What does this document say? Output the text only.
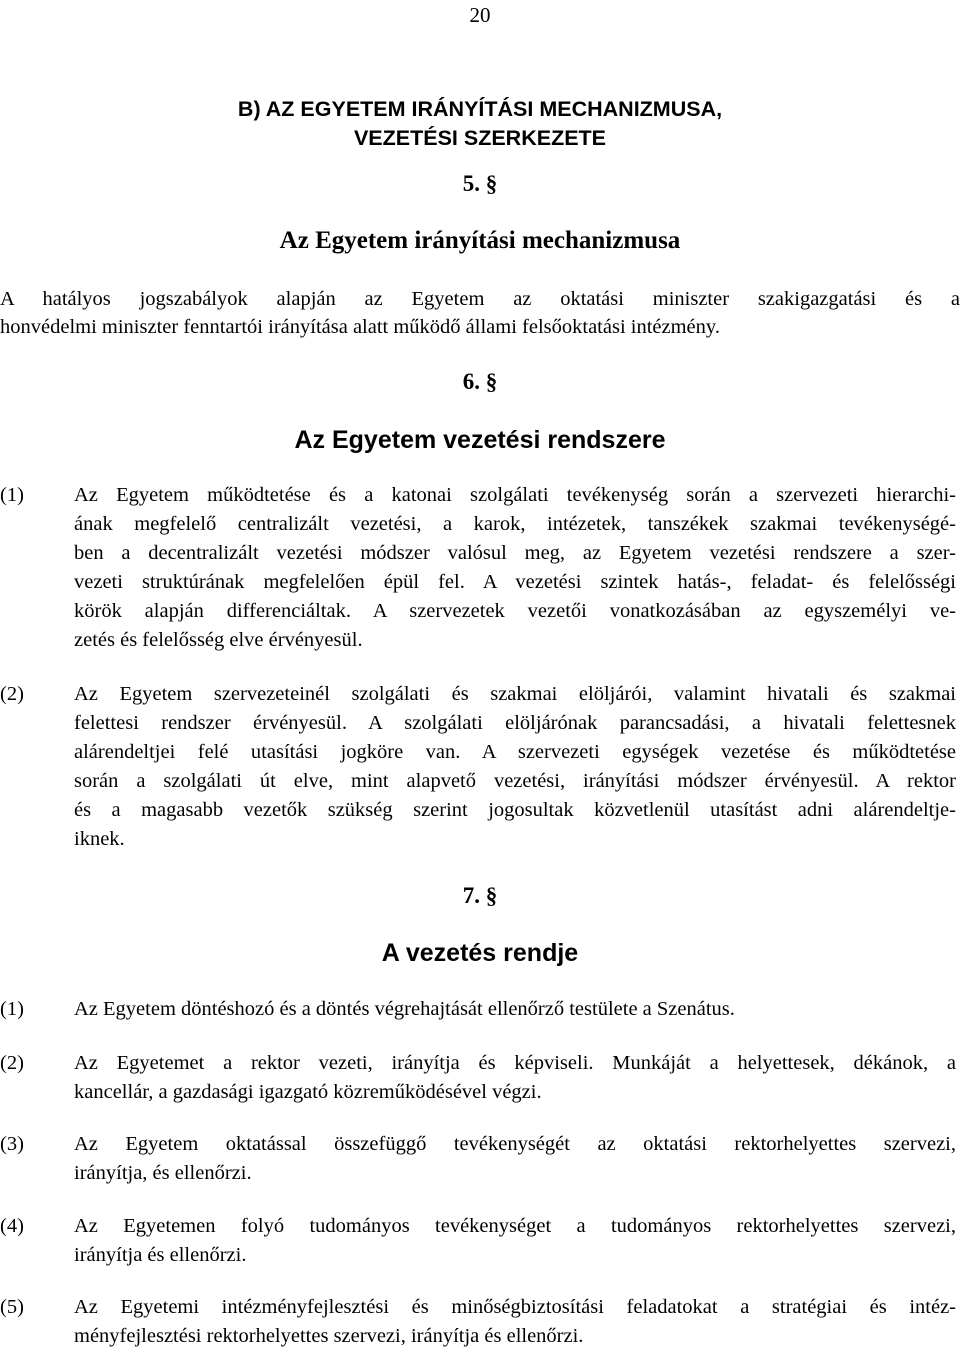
20
B) AZ EGYETEM IRÁNYÍTÁSI MECHANIZMUSA,
VEZETÉSI SZERKEZETE
5. §
Az Egyetem irányítási mechanizmusa
A hatályos jogszabályok alapján az Egyetem az oktatási miniszter szakigazgatási és a
honvédelmi miniszter fenntartói irányítása alatt működő állami felsőoktatási intézmény.
6. §
Az Egyetem vezetési rendszere
(1) Az Egyetem működtetése és a katonai szolgálati tevékenység során a szervezeti hierarchi-
ának megfelelő centralizált vezetési, a karok, intézetek, tanszékek szakmai tevékenységé-
ben a decentralizált vezetési módszer valósul meg, az Egyetem vezetési rendszere a szer-
vezeti struktúrának megfelelően épül fel. A vezetési szintek hatás-, feladat- és felelősségi
körök alapján differenciáltak. A szervezetek vezetői vonatkozásában az egyszemélyi ve-
zetés és felelősség elve érvényesül.
(2) Az Egyetem szervezeteinél szolgálati és szakmai elöljárói, valamint hivatali és szakmai
felettesi rendszer érvényesül. A szolgálati elöljárónak parancsadási, a hivatali felettesnek
alárendeltjei felé utasítási jogköre van. A szervezeti egységek vezetése és működtetése
során a szolgálati út elve, mint alapvető vezetési, irányítási módszer érvényesül. A rektor
és a magasabb vezetők szükség szerint jogosultak közvetlenül utasítást adni alárendeltje-
iknek.
7. §
A vezetés rendje
(1) Az Egyetem döntéshozó és a döntés végrehajtását ellenőrző testülete a Szenátus.
(2) Az Egyetemet a rektor vezeti, irányítja és képviseli. Munkáját a helyettesek, dékánok, a
kancellár, a gazdasági igazgató közreműködésével végzi.
(3) Az Egyetem oktatással összefüggő tevékenységét az oktatási rektorhelyettes szervezi,
irányítja, és ellenőrzi.
(4) Az Egyetemen folyó tudományos tevékenységet a tudományos rektorhelyettes szervezi,
irányítja és ellenőrzi.
(5) Az Egyetemi intézményfejlesztési és minőségbiztosítási feladatokat a stratégiai és intéz-
ményfejlesztési rektorhelyettes szervezi, irányítja és ellenőrzi.
